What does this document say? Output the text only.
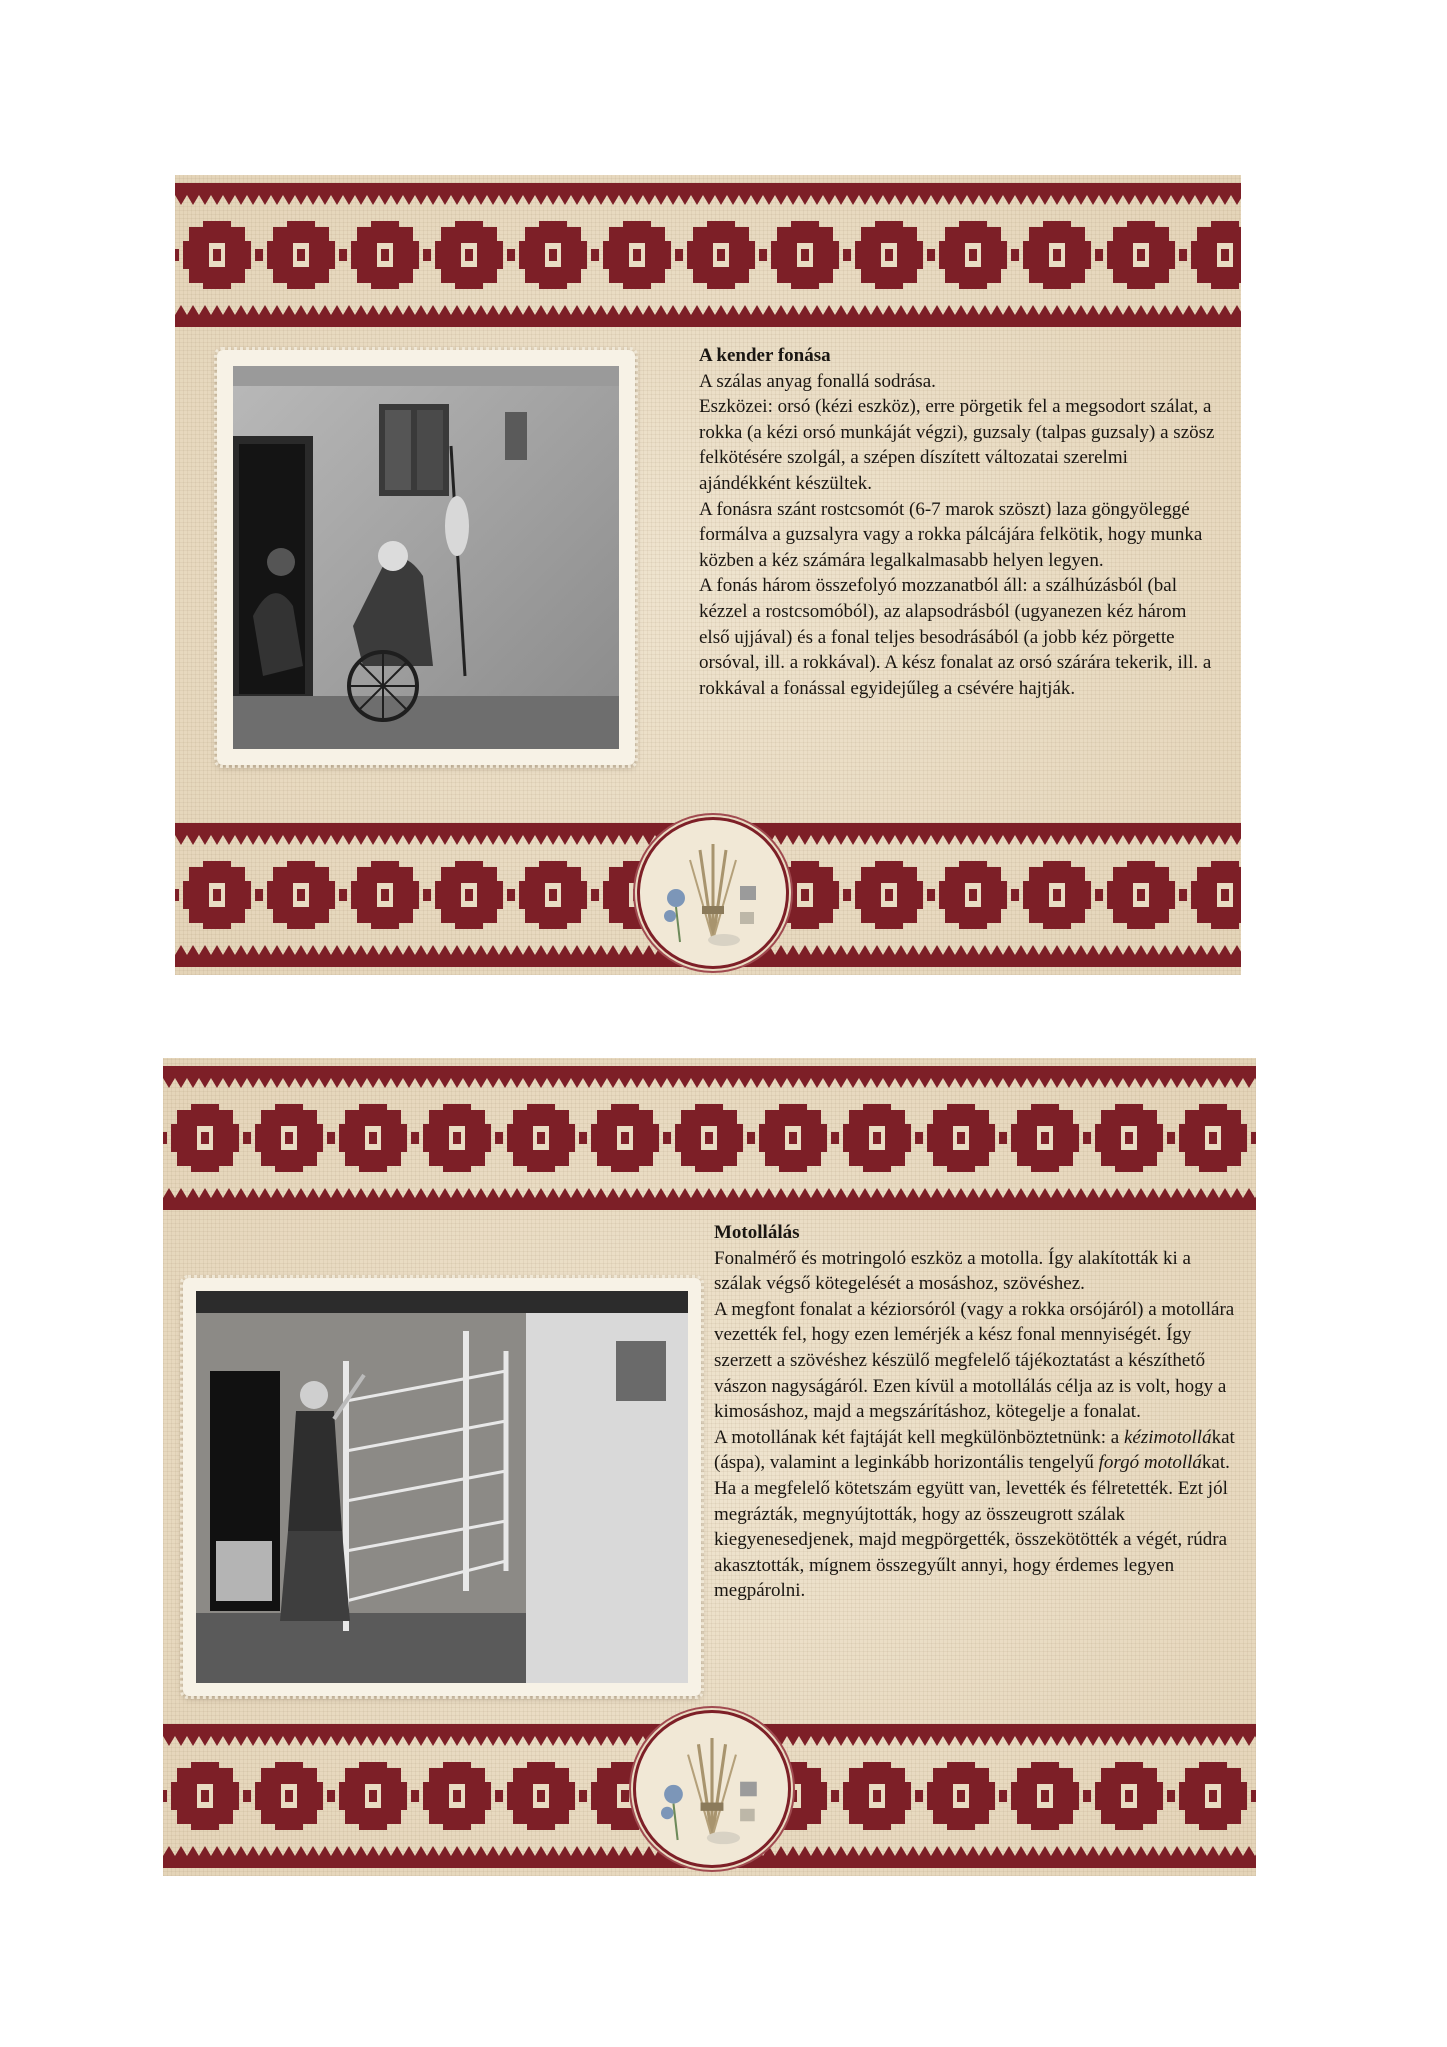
A kender fonása

A szálas anyag fonallá sodrása.

Eszközei: orsó (kézi eszköz), erre pörgetik fel a megsodort szálat, a rokka (a kézi orsó munkáját végzi), guzsaly (talpas guzsaly) a szösz felkötésére szolgál, a szépen díszített változatai szerelmi ajándékként készültek.

A fonásra szánt rostcsomót (6-7 marok szöszt) laza göngyöleggé formálva a guzsalyra vagy a rokka pálcájára felkötik, hogy munka közben a kéz számára legalkalmasabb helyen legyen.

A fonás három összefolyó mozzanatból áll: a szálhúzásból (bal kézzel a rostcsomóból), az alapsodrásból (ugyanezen kéz három első ujjával) és a fonal teljes besodrásából (a jobb kéz pörgette orsóval, ill. a rokkával). A kész fonalat az orsó szárára tekerik, ill. a rokkával a fonással egyidejűleg a csévére hajtják.

Motollálás

Fonalmérő és motringoló eszköz a motolla. Így alakították ki a szálak végső kötegelését a mosáshoz, szövéshez.

A megfont fonalat a kéziorsóról (vagy a rokka orsójáról) a motollára vezették fel, hogy ezen lemérjék a kész fonal mennyiségét. Így szerzett a szövéshez készülő megfelelő tájékoztatást a készíthető vászon nagyságáról. Ezen kívül a motollálás célja az is volt, hogy a kimosáshoz, majd a megszárításhoz, kötegelje a fonalat.

A motollának két fajtáját kell megkülönböztetnünk: a kézimotollákat (áspa), valamint a leginkább horizontális tengelyű forgó motollákat.

Ha a megfelelő kötetszám együtt van, levették és félretették. Ezt jól megrázták, megnyújtották, hogy az összeugrott szálak kiegyenesedjenek, majd megpörgették, összekötötték a végét, rúdra akasztották, mígnem összegyűlt annyi, hogy érdemes legyen megpárolni.
